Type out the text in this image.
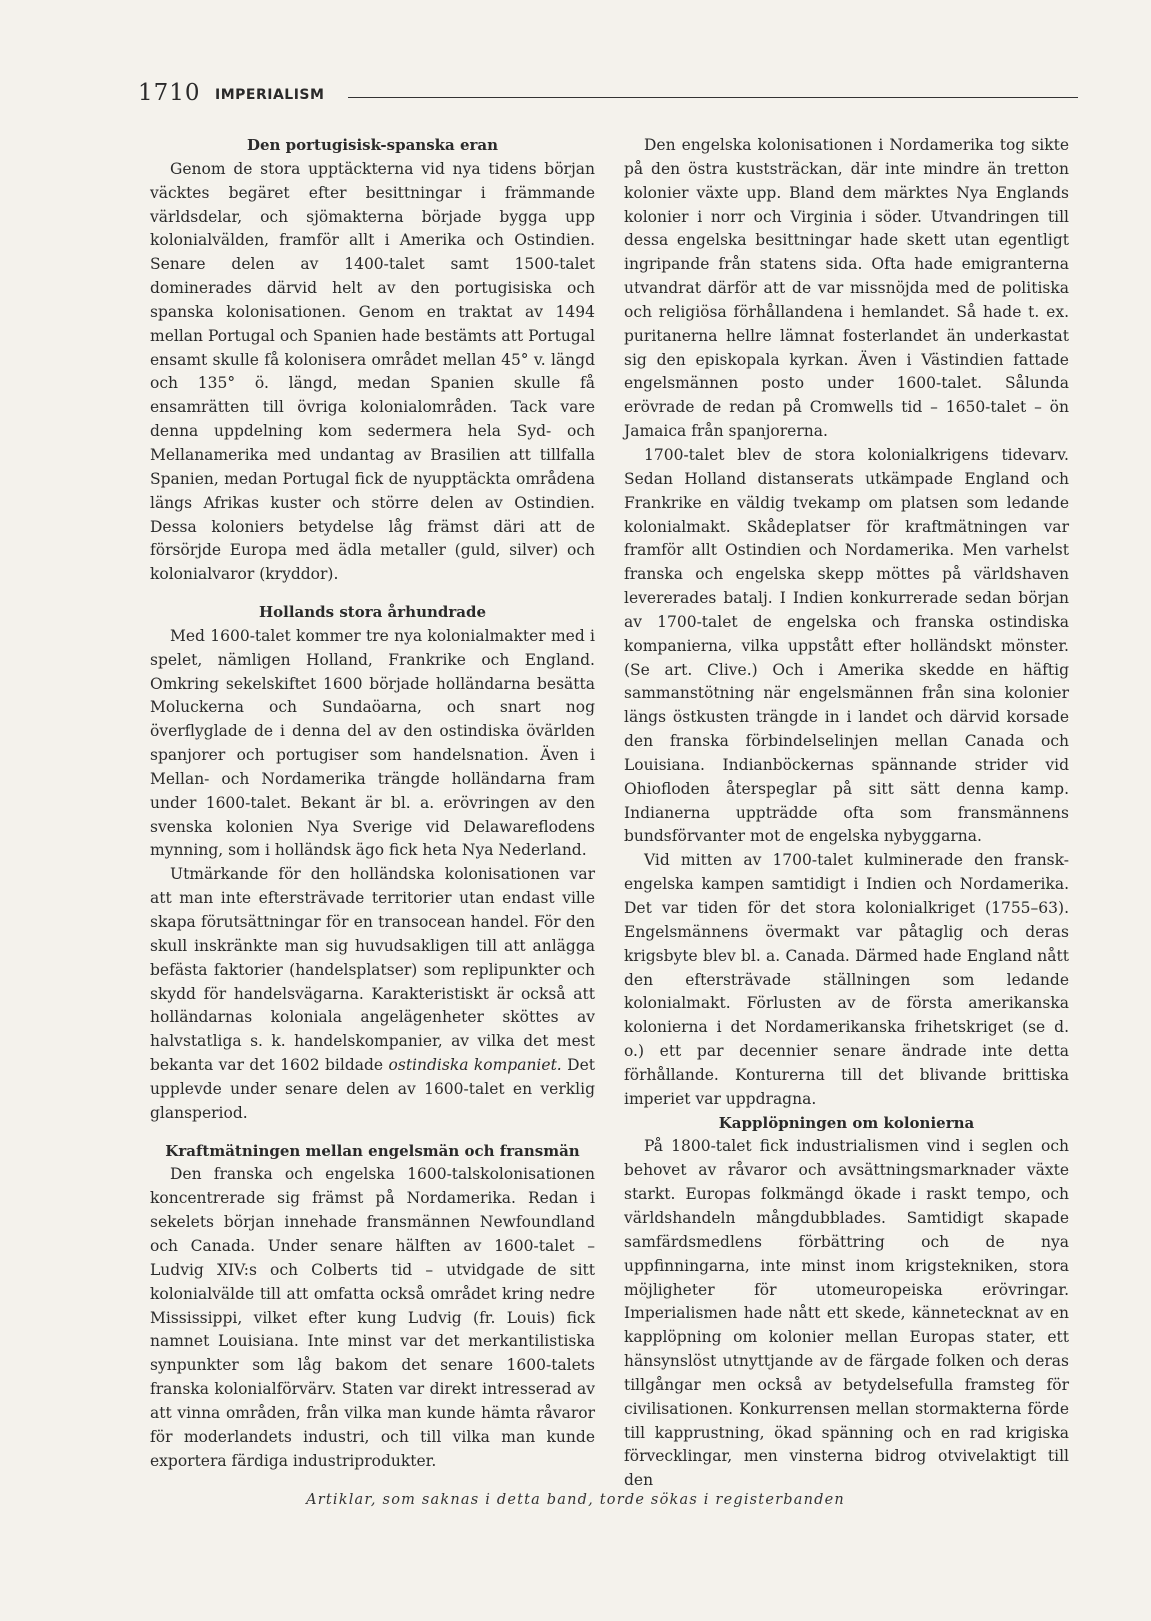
1710 IMPERIALISM
Den portugisisk-spanska eran

Genom de stora upptäckterna vid nya tidens början väcktes begäret efter besittningar i främmande världsdelar, och sjömakterna började bygga upp kolonialvälden, framför allt i Amerika och Ostindien. Senare delen av 1400-talet samt 1500-talet dominerades därvid helt av den portugisiska och spanska kolonisationen. Genom en traktat av 1494 mellan Portugal och Spanien hade bestämts att Portugal ensamt skulle få kolonisera området mellan 45° v. längd och 135° ö. längd, medan Spanien skulle få ensamrätten till övriga kolonialområden. Tack vare denna uppdelning kom sedermera hela Syd- och Mellanamerika med undantag av Brasilien att tillfalla Spanien, medan Portugal fick de nyupptäckta områdena längs Afrikas kuster och större delen av Ostindien. Dessa koloniers betydelse låg främst däri att de försörjde Europa med ädla metaller (guld, silver) och kolonialvaror (kryddor).

Hollands stora århundrade

Med 1600-talet kommer tre nya kolonialmakter med i spelet, nämligen Holland, Frankrike och England. Omkring sekelskiftet 1600 började holländarna besätta Moluckerna och Sundaöarna, och snart nog överflyglade de i denna del av den ostindiska övärlden spanjorer och portugiser som handelsnation. Även i Mellan- och Nordamerika trängde holländarna fram under 1600-talet. Bekant är bl. a. erövringen av den svenska kolonien Nya Sverige vid Delawareflodens mynning, som i holländsk ägo fick heta Nya Nederland.

Utmärkande för den holländska kolonisationen var att man inte eftersträvade territorier utan endast ville skapa förutsättningar för en transocean handel. För den skull inskränkte man sig huvudsakligen till att anlägga befästa faktorier (handelsplatser) som replipunkter och skydd för handelsvägarna. Karakteristiskt är också att holländarnas koloniala angelägenheter sköttes av halvstatliga s. k. handelskompanier, av vilka det mest bekanta var det 1602 bildade ostindiska kompaniet. Det upplevde under senare delen av 1600-talet en verklig glansperiod.

Kraftmätningen mellan engelsmän och fransmän

Den franska och engelska 1600-talskolonisationen koncentrerade sig främst på Nordamerika. Redan i sekelets början innehade fransmännen Newfoundland och Canada. Under senare hälften av 1600-talet – Ludvig XIV:s och Colberts tid – utvidgade de sitt kolonialvälde till att omfatta också området kring nedre Mississippi, vilket efter kung Ludvig (fr. Louis) fick namnet Louisiana. Inte minst var det merkantilistiska synpunkter som låg bakom det senare 1600-talets franska kolonialförvärv. Staten var direkt intresserad av att vinna områden, från vilka man kunde hämta råvaror för moderlandets industri, och till vilka man kunde exportera färdiga industriprodukter.

Den engelska kolonisationen i Nordamerika tog sikte på den östra kuststräckan, där inte mindre än tretton kolonier växte upp. Bland dem märktes Nya Englands kolonier i norr och Virginia i söder. Utvandringen till dessa engelska besittningar hade skett utan egentligt ingripande från statens sida. Ofta hade emigranterna utvandrat därför att de var missnöjda med de politiska och religiösa förhållandena i hemlandet. Så hade t. ex. puritanerna hellre lämnat fosterlandet än underkastat sig den episkopala kyrkan. Även i Västindien fattade engelsmännen posto under 1600-talet. Sålunda erövrade de redan på Cromwells tid – 1650-talet – ön Jamaica från spanjorerna.

1700-talet blev de stora kolonialkrigens tidevarv. Sedan Holland distanserats utkämpade England och Frankrike en väldig tvekamp om platsen som ledande kolonialmakt. Skådeplatser för kraftmätningen var framför allt Ostindien och Nordamerika. Men varhelst franska och engelska skepp möttes på världshaven levererades batalj. I Indien konkurrerade sedan början av 1700-talet de engelska och franska ostindiska kompanierna, vilka uppstått efter holländskt mönster. (Se art. Clive.) Och i Amerika skedde en häftig sammanstötning när engelsmännen från sina kolonier längs östkusten trängde in i landet och därvid korsade den franska förbindelselinjen mellan Canada och Louisiana. Indianböckernas spännande strider vid Ohiofloden återspeglar på sitt sätt denna kamp. Indianerna uppträdde ofta som fransmännens bundsförvanter mot de engelska nybyggarna.

Vid mitten av 1700-talet kulminerade den fransk-engelska kampen samtidigt i Indien och Nordamerika. Det var tiden för det stora kolonialkriget (1755–63). Engelsmännens övermakt var påtaglig och deras krigsbyte blev bl. a. Canada. Därmed hade England nått den eftersträvade ställningen som ledande kolonialmakt. Förlusten av de första amerikanska kolonierna i det Nordamerikanska frihetskriget (se d. o.) ett par decennier senare ändrade inte detta förhållande. Konturerna till det blivande brittiska imperiet var uppdragna.

Kapplöpningen om kolonierna

På 1800-talet fick industrialismen vind i seglen och behovet av råvaror och avsättningsmarknader växte starkt. Europas folkmängd ökade i raskt tempo, och världshandeln mångdubblades. Samtidigt skapade samfärdsmedlens förbättring och de nya uppfinningarna, inte minst inom krigstekniken, stora möjligheter för utomeuropeiska erövringar. Imperialismen hade nått ett skede, kännetecknat av en kapplöpning om kolonier mellan Europas stater, ett hänsynslöst utnyttjande av de färgade folken och deras tillgångar men också av betydelsefulla framsteg för civilisationen. Konkurrensen mellan stormakterna förde till kapprustning, ökad spänning och en rad krigiska förvecklingar, men vinsterna bidrog otvivelaktigt till den

Artiklar, som saknas i detta band, torde sökas i registerbanden
